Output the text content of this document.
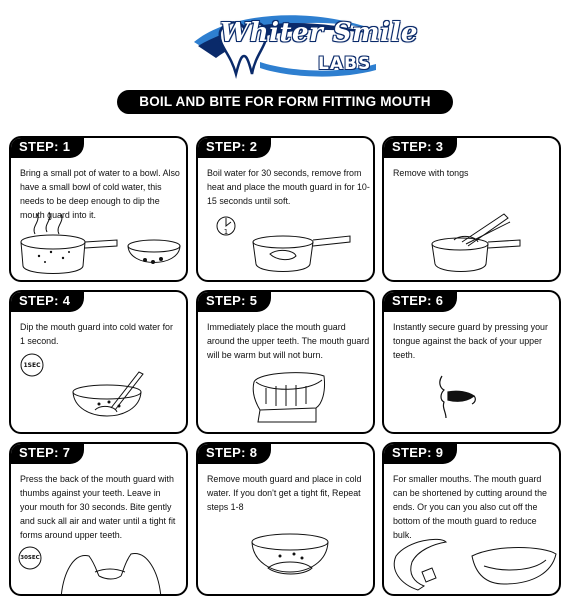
Whiter Smile
LABS
BOIL AND BITE FOR FORM FITTING MOUTH GUARD
STEP: 1
Bring a small pot of water to a bowl. Also have a small bowl of cold water, this needs to be deep enough to dip the mouth guard into it.
1
STEP: 2
Boil water for 30 seconds, remove from heat and place the mouth guard in for 10-15 seconds until soft.
STEP: 3
Remove with tongs
1SEC
STEP: 4
Dip the mouth guard into cold water for 1 second.
STEP: 5
Immediately place the mouth guard around the upper teeth. The mouth guard will be warm but will not burn.
STEP: 6
Instantly secure guard by pressing your tongue against the back of your upper teeth.
30SEC
STEP: 7
Press the back of the mouth guard with thumbs against your teeth. Leave in your mouth for 30 seconds. Bite gently and suck all air and water until a tight fit forms around upper teeth.
STEP: 8
Remove mouth guard and place in cold water. If you don't get a tight fit, Repeat steps 1-8
STEP: 9
For smaller mouths. The mouth guard can be shortened by cutting around the ends. Or you can you also cut off the bottom of the mouth guard to reduce bulk.
